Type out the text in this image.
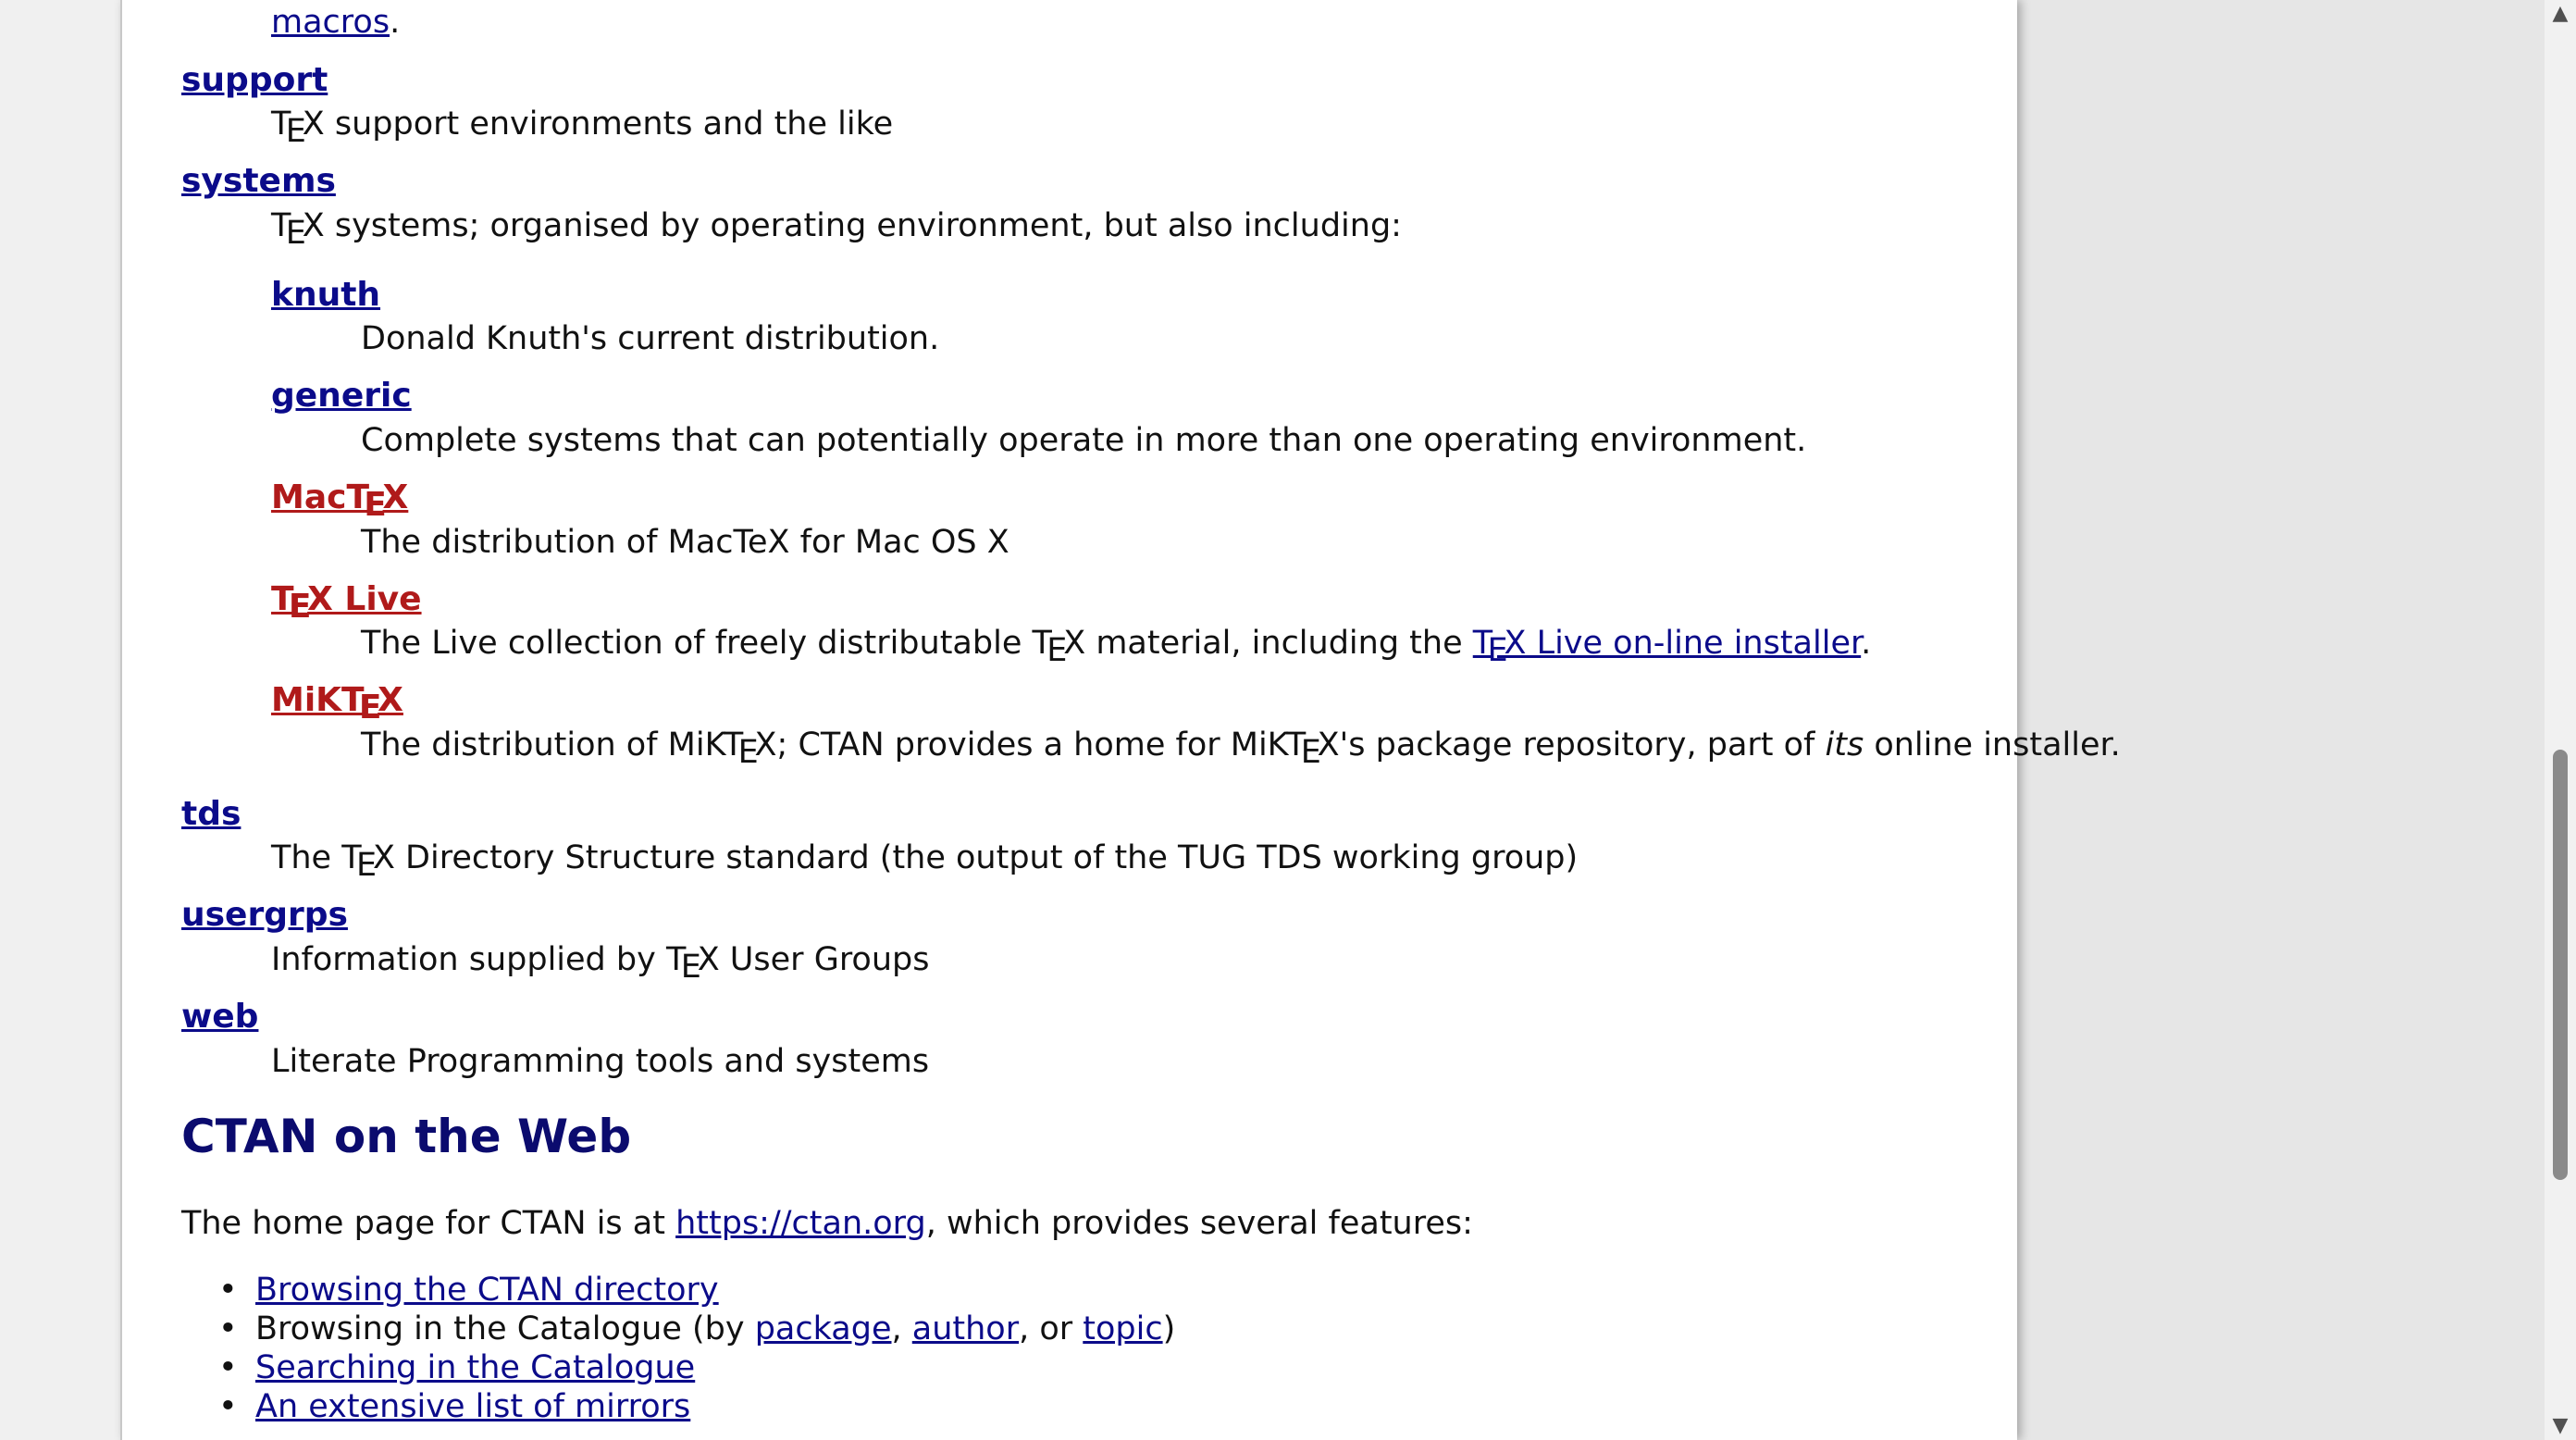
macros.
support
TEX support environments and the like
systems
TEX systems; organised by operating environment, but also including:
knuth
Donald Knuth's current distribution.
generic
Complete systems that can potentially operate in more than one operating environment.
MacTEX
The distribution of MacTeX for Mac OS X
TEX Live
The Live collection of freely distributable TEX material, including the TEX Live on-line installer.
MiKTEX
The distribution of MiKTEX; CTAN provides a home for MiKTEX's package repository, part of its online installer.
tds
The TEX Directory Structure standard (the output of the TUG TDS working group)
usergrps
Information supplied by TEX User Groups
web
Literate Programming tools and systems
CTAN on the Web
The home page for CTAN is at https://ctan.org, which provides several features:
• Browsing the CTAN directory
• Browsing in the Catalogue (by package, author, or topic)
• Searching in the Catalogue
• An extensive list of mirrors
▲
▼
